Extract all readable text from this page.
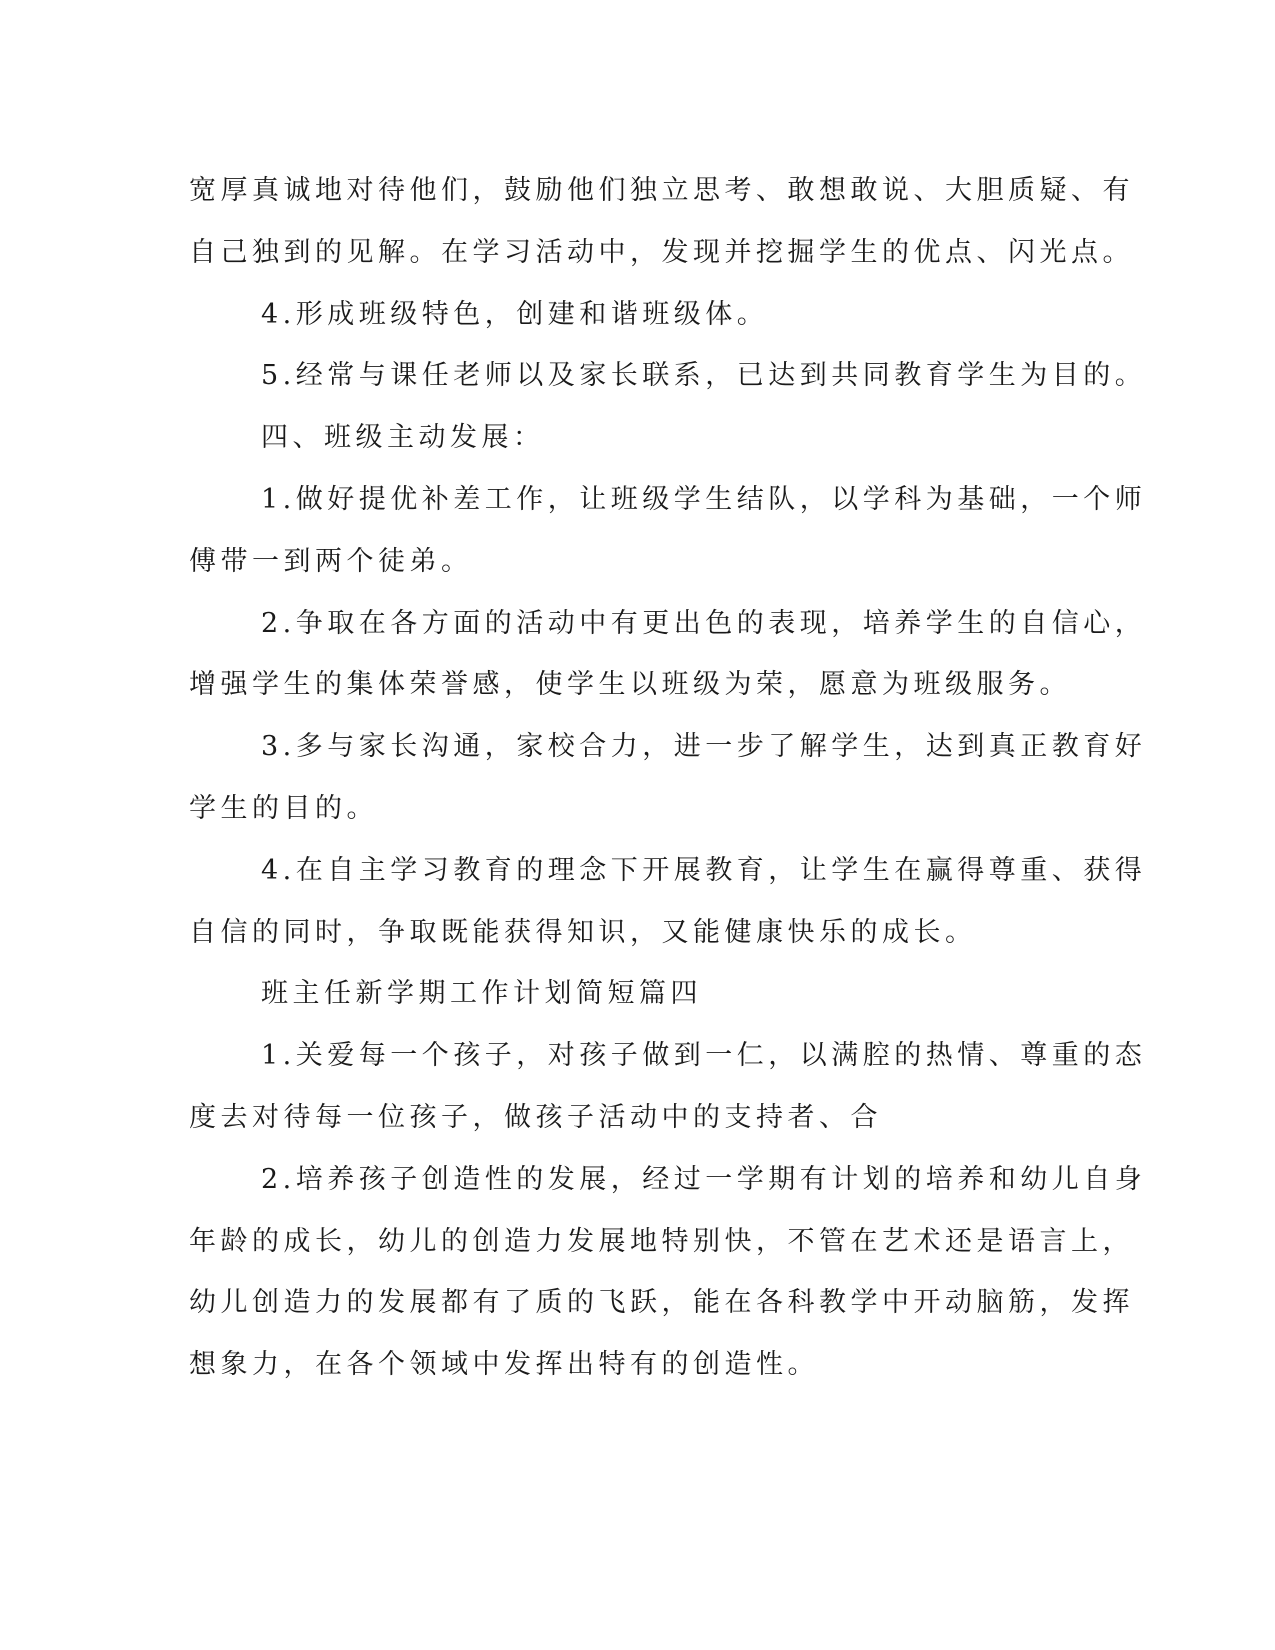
宽厚真诚地对待他们，鼓励他们独立思考、敢想敢说、大胆质疑、有
自己独到的见解。在学习活动中，发现并挖掘学生的优点、闪光点。
4.形成班级特色，创建和谐班级体。
5.经常与课任老师以及家长联系，已达到共同教育学生为目的。
四、班级主动发展：
1.做好提优补差工作，让班级学生结队，以学科为基础，一个师
傅带一到两个徒弟。
2.争取在各方面的活动中有更出色的表现，培养学生的自信心，
增强学生的集体荣誉感，使学生以班级为荣，愿意为班级服务。
3.多与家长沟通，家校合力，进一步了解学生，达到真正教育好
学生的目的。
4.在自主学习教育的理念下开展教育，让学生在赢得尊重、获得
自信的同时，争取既能获得知识，又能健康快乐的成长。
班主任新学期工作计划简短篇四
1.关爱每一个孩子，对孩子做到一仁，以满腔的热情、尊重的态
度去对待每一位孩子，做孩子活动中的支持者、合
2.培养孩子创造性的发展，经过一学期有计划的培养和幼儿自身
年龄的成长，幼儿的创造力发展地特别快，不管在艺术还是语言上，
幼儿创造力的发展都有了质的飞跃，能在各科教学中开动脑筋，发挥
想象力，在各个领域中发挥出特有的创造性。
